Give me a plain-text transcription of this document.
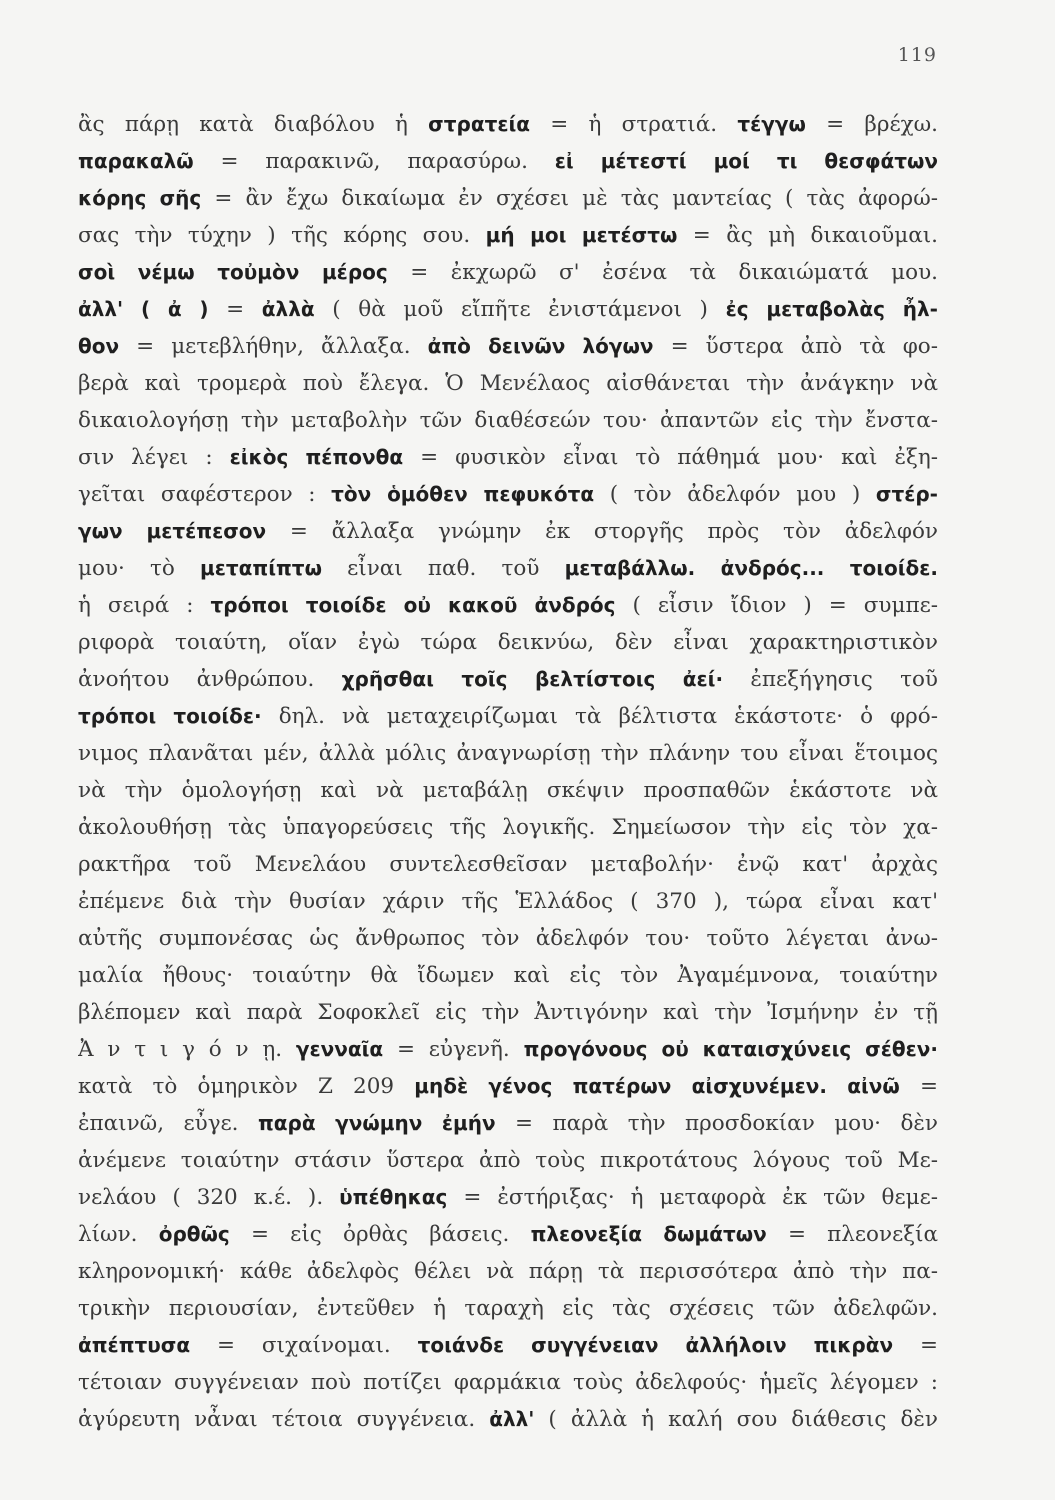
119
ἂς πάρῃ κατὰ διαβόλου ἡ στρατεία = ἡ στρατιά. τέγγω = βρέχω.
παρακαλῶ = παρακινῶ, παρασύρω. εἰ μέτεστί μοί τι θεσφάτων
κόρης σῆς = ἂν ἔχω δικαίωμα ἐν σχέσει μὲ τὰς μαντείας ( τὰς ἀφορώ-
σας τὴν τύχην ) τῆς κόρης σου. μή μοι μετέστω = ἂς μὴ δικαιοῦμαι.
σοὶ νέμω τοὐμὸν μέρος = ἐκχωρῶ σ' ἐσένα τὰ δικαιώματά μου.
ἀλλ' ( ἀ ) = ἀλλὰ ( θὰ μοῦ εἴπῆτε ἐνιστάμενοι ) ἐς μεταβολὰς ἦλ-
θον = μετεβλήθην, ἄλλαξα. ἀπὸ δεινῶν λόγων = ὕστερα ἀπὸ τὰ φο-
βερὰ καὶ τρομερὰ ποὺ ἔλεγα. Ὁ Μενέλαος αἰσθάνεται τὴν ἀνάγκην νὰ
δικαιολογήσῃ τὴν μεταβολὴν τῶν διαθέσεών του· ἀπαντῶν εἰς τὴν ἔνστα-
σιν λέγει : εἰκὸς πέπονθα = φυσικὸν εἶναι τὸ πάθημά μου· καὶ ἐξη-
γεῖται σαφέστερον : τὸν ὁμόθεν πεφυκότα ( τὸν ἀδελφόν μου ) στέρ-
γων μετέπεσον = ἄλλαξα γνώμην ἐκ στοργῆς πρὸς τὸν ἀδελφόν
μου· τὸ μεταπίπτω εἶναι παθ. τοῦ μεταβάλλω. ἀνδρός... τοιοίδε.
ἡ σειρά : τρόποι τοιοίδε οὐ κακοῦ ἀνδρός ( εἶσιν ἴδιον ) = συμπε-
ριφορὰ τοιαύτη, οἵαν ἐγὼ τώρα δεικνύω, δὲν εἶναι χαρακτηριστικὸν
ἀνοήτου ἀνθρώπου. χρῆσθαι τοῖς βελτίστοις ἀεί· ἐπεξήγησις τοῦ
τρόποι τοιοίδε· δηλ. νὰ μεταχειρίζωμαι τὰ βέλτιστα ἑκάστοτε· ὁ φρό-
νιμος πλανᾶται μέν, ἀλλὰ μόλις ἀναγνωρίσῃ τὴν πλάνην του εἶναι ἕτοιμος
νὰ τὴν ὁμολογήσῃ καὶ νὰ μεταβάλῃ σκέψιν προσπαθῶν ἑκάστοτε νὰ
ἀκολουθήσῃ τὰς ὑπαγορεύσεις τῆς λογικῆς. Σημείωσον τὴν εἰς τὸν χα-
ρακτῆρα τοῦ Μενελάου συντελεσθεῖσαν μεταβολήν· ἐνῷ κατ' ἀρχὰς
ἐπέμενε διὰ τὴν θυσίαν χάριν τῆς Ἑλλάδος ( 370 ), τώρα εἶναι κατ'
αὐτῆς συμπονέσας ὡς ἄνθρωπος τὸν ἀδελφόν του· τοῦτο λέγεται ἀνω-
μαλία ἤθους· τοιαύτην θὰ ἴδωμεν καὶ εἰς τὸν Ἀγαμέμνονα, τοιαύτην
βλέπομεν καὶ παρὰ Σοφοκλεῖ εἰς τὴν Ἀντιγόνην καὶ τὴν Ἰσμήνην ἐν τῇ
Ἀ ν τ ι γ ό ν ῃ. γενναῖα = εὐγενῆ. προγόνους οὐ καταισχύνεις σέθεν·
κατὰ τὸ ὁμηρικὸν Ζ 209 μηδὲ γένος πατέρων αἰσχυνέμεν. αἰνῶ =
ἐπαινῶ, εὖγε. παρὰ γνώμην ἐμήν = παρὰ τὴν προσδοκίαν μου· δὲν
ἀνέμενε τοιαύτην στάσιν ὕστερα ἀπὸ τοὺς πικροτάτους λόγους τοῦ Με-
νελάου ( 320 κ.έ. ). ὑπέθηκας = ἐστήριξας· ἡ μεταφορὰ ἐκ τῶν θεμε-
λίων. ὀρθῶς = εἰς ὀρθὰς βάσεις. πλεονεξία δωμάτων = πλεονεξία
κληρονομική· κάθε ἀδελφὸς θέλει νὰ πάρῃ τὰ περισσότερα ἀπὸ τὴν πα-
τρικὴν περιουσίαν, ἐντεῦθεν ἡ ταραχὴ εἰς τὰς σχέσεις τῶν ἀδελφῶν.
ἀπέπτυσα = σιχαίνομαι. τοιάνδε συγγένειαν ἀλλήλοιν πικρὰν =
τέτοιαν συγγένειαν ποὺ ποτίζει φαρμάκια τοὺς ἀδελφούς· ἡμεῖς λέγομεν :
ἀγύρευτη νἆναι τέτοια συγγένεια. ἀλλ' ( ἀλλὰ ἡ καλή σου διάθεσις δὲν
